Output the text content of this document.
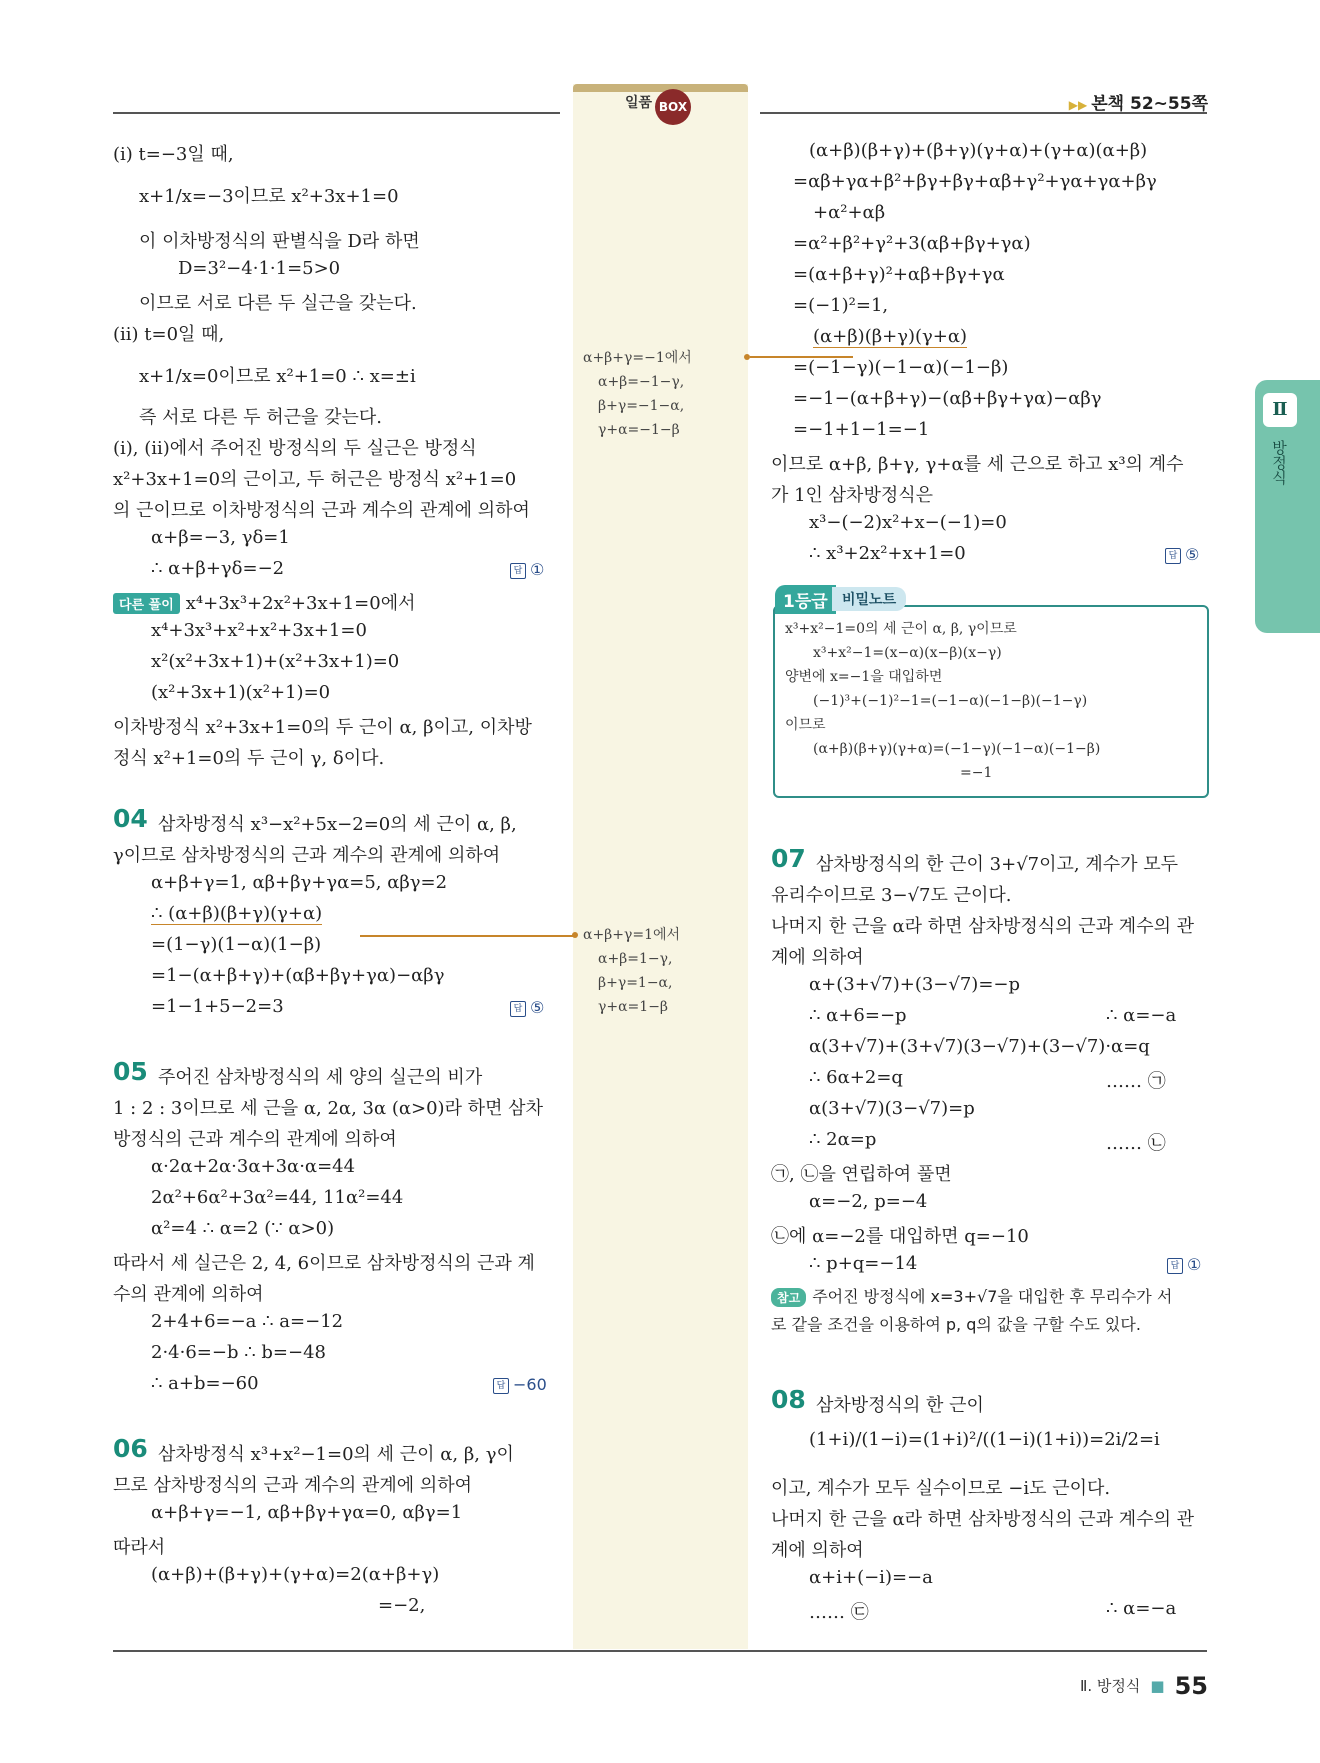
일품 BOX	▶▶ 본책 52~55쪽
Ⅱ
방정식
(ⅰ) t=−3일 때,
x+1/x=−3이므로 x²+3x+1=0
이 이차방정식의 판별식을 D라 하면
D=3²−4·1·1=5>0
이므로 서로 다른 두 실근을 갖는다.
(ⅱ) t=0일 때,
x+1/x=0이므로 x²+1=0 ∴ x=±i
즉 서로 다른 두 허근을 갖는다.
(ⅰ), (ⅱ)에서 주어진 방정식의 두 실근은 방정식
x²+3x+1=0의 근이고, 두 허근은 방정식 x²+1=0
의 근이므로 이차방정식의 근과 계수의 관계에 의하여
α+β=−3, γδ=1
∴ α+β+γδ=−2	답 ①
다른 풀이 x⁴+3x³+2x²+3x+1=0에서
x⁴+3x³+x²+x²+3x+1=0
x²(x²+3x+1)+(x²+3x+1)=0
(x²+3x+1)(x²+1)=0
이차방정식 x²+3x+1=0의 두 근이 α, β이고, 이차방
정식 x²+1=0의 두 근이 γ, δ이다.
04 삼차방정식 x³−x²+5x−2=0의 세 근이 α, β,
γ이므로 삼차방정식의 근과 계수의 관계에 의하여
α+β+γ=1, αβ+βγ+γα=5, αβγ=2
∴ (α+β)(β+γ)(γ+α)
=(1−γ)(1−α)(1−β)
=1−(α+β+γ)+(αβ+βγ+γα)−αβγ
=1−1+5−2=3	답 ⑤
05 주어진 삼차방정식의 세 양의 실근의 비가
1 : 2 : 3이므로 세 근을 α, 2α, 3α (α>0)라 하면 삼차
방정식의 근과 계수의 관계에 의하여
α·2α+2α·3α+3α·α=44
2α²+6α²+3α²=44, 11α²=44
α²=4 ∴ α=2 (∵ α>0)
따라서 세 실근은 2, 4, 6이므로 삼차방정식의 근과 계
수의 관계에 의하여
2+4+6=−a ∴ a=−12
2·4·6=−b ∴ b=−48
∴ a+b=−60	답 −60
06 삼차방정식 x³+x²−1=0의 세 근이 α, β, γ이
므로 삼차방정식의 근과 계수의 관계에 의하여
α+β+γ=−1, αβ+βγ+γα=0, αβγ=1
따라서
(α+β)+(β+γ)+(γ+α)=2(α+β+γ)
=−2,
α+β+γ=−1에서
α+β=−1−γ,
β+γ=−1−α,
γ+α=−1−β
α+β+γ=1에서
α+β=1−γ,
β+γ=1−α,
γ+α=1−β
(α+β)(β+γ)+(β+γ)(γ+α)+(γ+α)(α+β)
=αβ+γα+β²+βγ+βγ+αβ+γ²+γα+γα+βγ
+α²+αβ
=α²+β²+γ²+3(αβ+βγ+γα)
=(α+β+γ)²+αβ+βγ+γα
=(−1)²=1,
(α+β)(β+γ)(γ+α)
=(−1−γ)(−1−α)(−1−β)
=−1−(α+β+γ)−(αβ+βγ+γα)−αβγ
=−1+1−1=−1
이므로 α+β, β+γ, γ+α를 세 근으로 하고 x³의 계수
가 1인 삼차방정식은
x³−(−2)x²+x−(−1)=0
∴ x³+2x²+x+1=0	답 ⑤
07 삼차방정식의 한 근이 3+√7이고, 계수가 모두
유리수이므로 3−√7도 근이다.
나머지 한 근을 α라 하면 삼차방정식의 근과 계수의 관
계에 의하여
α+(3+√7)+(3−√7)=−p
∴ α+6=−p	∴ α=−a
α(3+√7)+(3+√7)(3−√7)+(3−√7)·α=q
∴ 6α+2=q	…… ㉠
α(3+√7)(3−√7)=p
∴ 2α=p	…… ㉡
㉠, ㉡을 연립하여 풀면
α=−2, p=−4
㉡에 α=−2를 대입하면 q=−10
∴ p+q=−14	답 ①
참고 주어진 방정식에 x=3+√7을 대입한 후 무리수가 서
로 같을 조건을 이용하여 p, q의 값을 구할 수도 있다.
08 삼차방정식의 한 근이
(1+i)/(1−i)=(1+i)²/((1−i)(1+i))=2i/2=i
이고, 계수가 모두 실수이므로 −i도 근이다.
나머지 한 근을 α라 하면 삼차방정식의 근과 계수의 관
계에 의하여
α+i+(−i)=−a
…… ㉢	∴ α=−a
1등급	비밀노트
x³+x²−1=0의 세 근이 α, β, γ이므로
x³+x²−1=(x−α)(x−β)(x−γ)
양변에 x=−1을 대입하면
(−1)³+(−1)²−1=(−1−α)(−1−β)(−1−γ)
이므로
(α+β)(β+γ)(γ+α)=(−1−γ)(−1−α)(−1−β)
=−1
Ⅱ. 방정식 ■ 55
